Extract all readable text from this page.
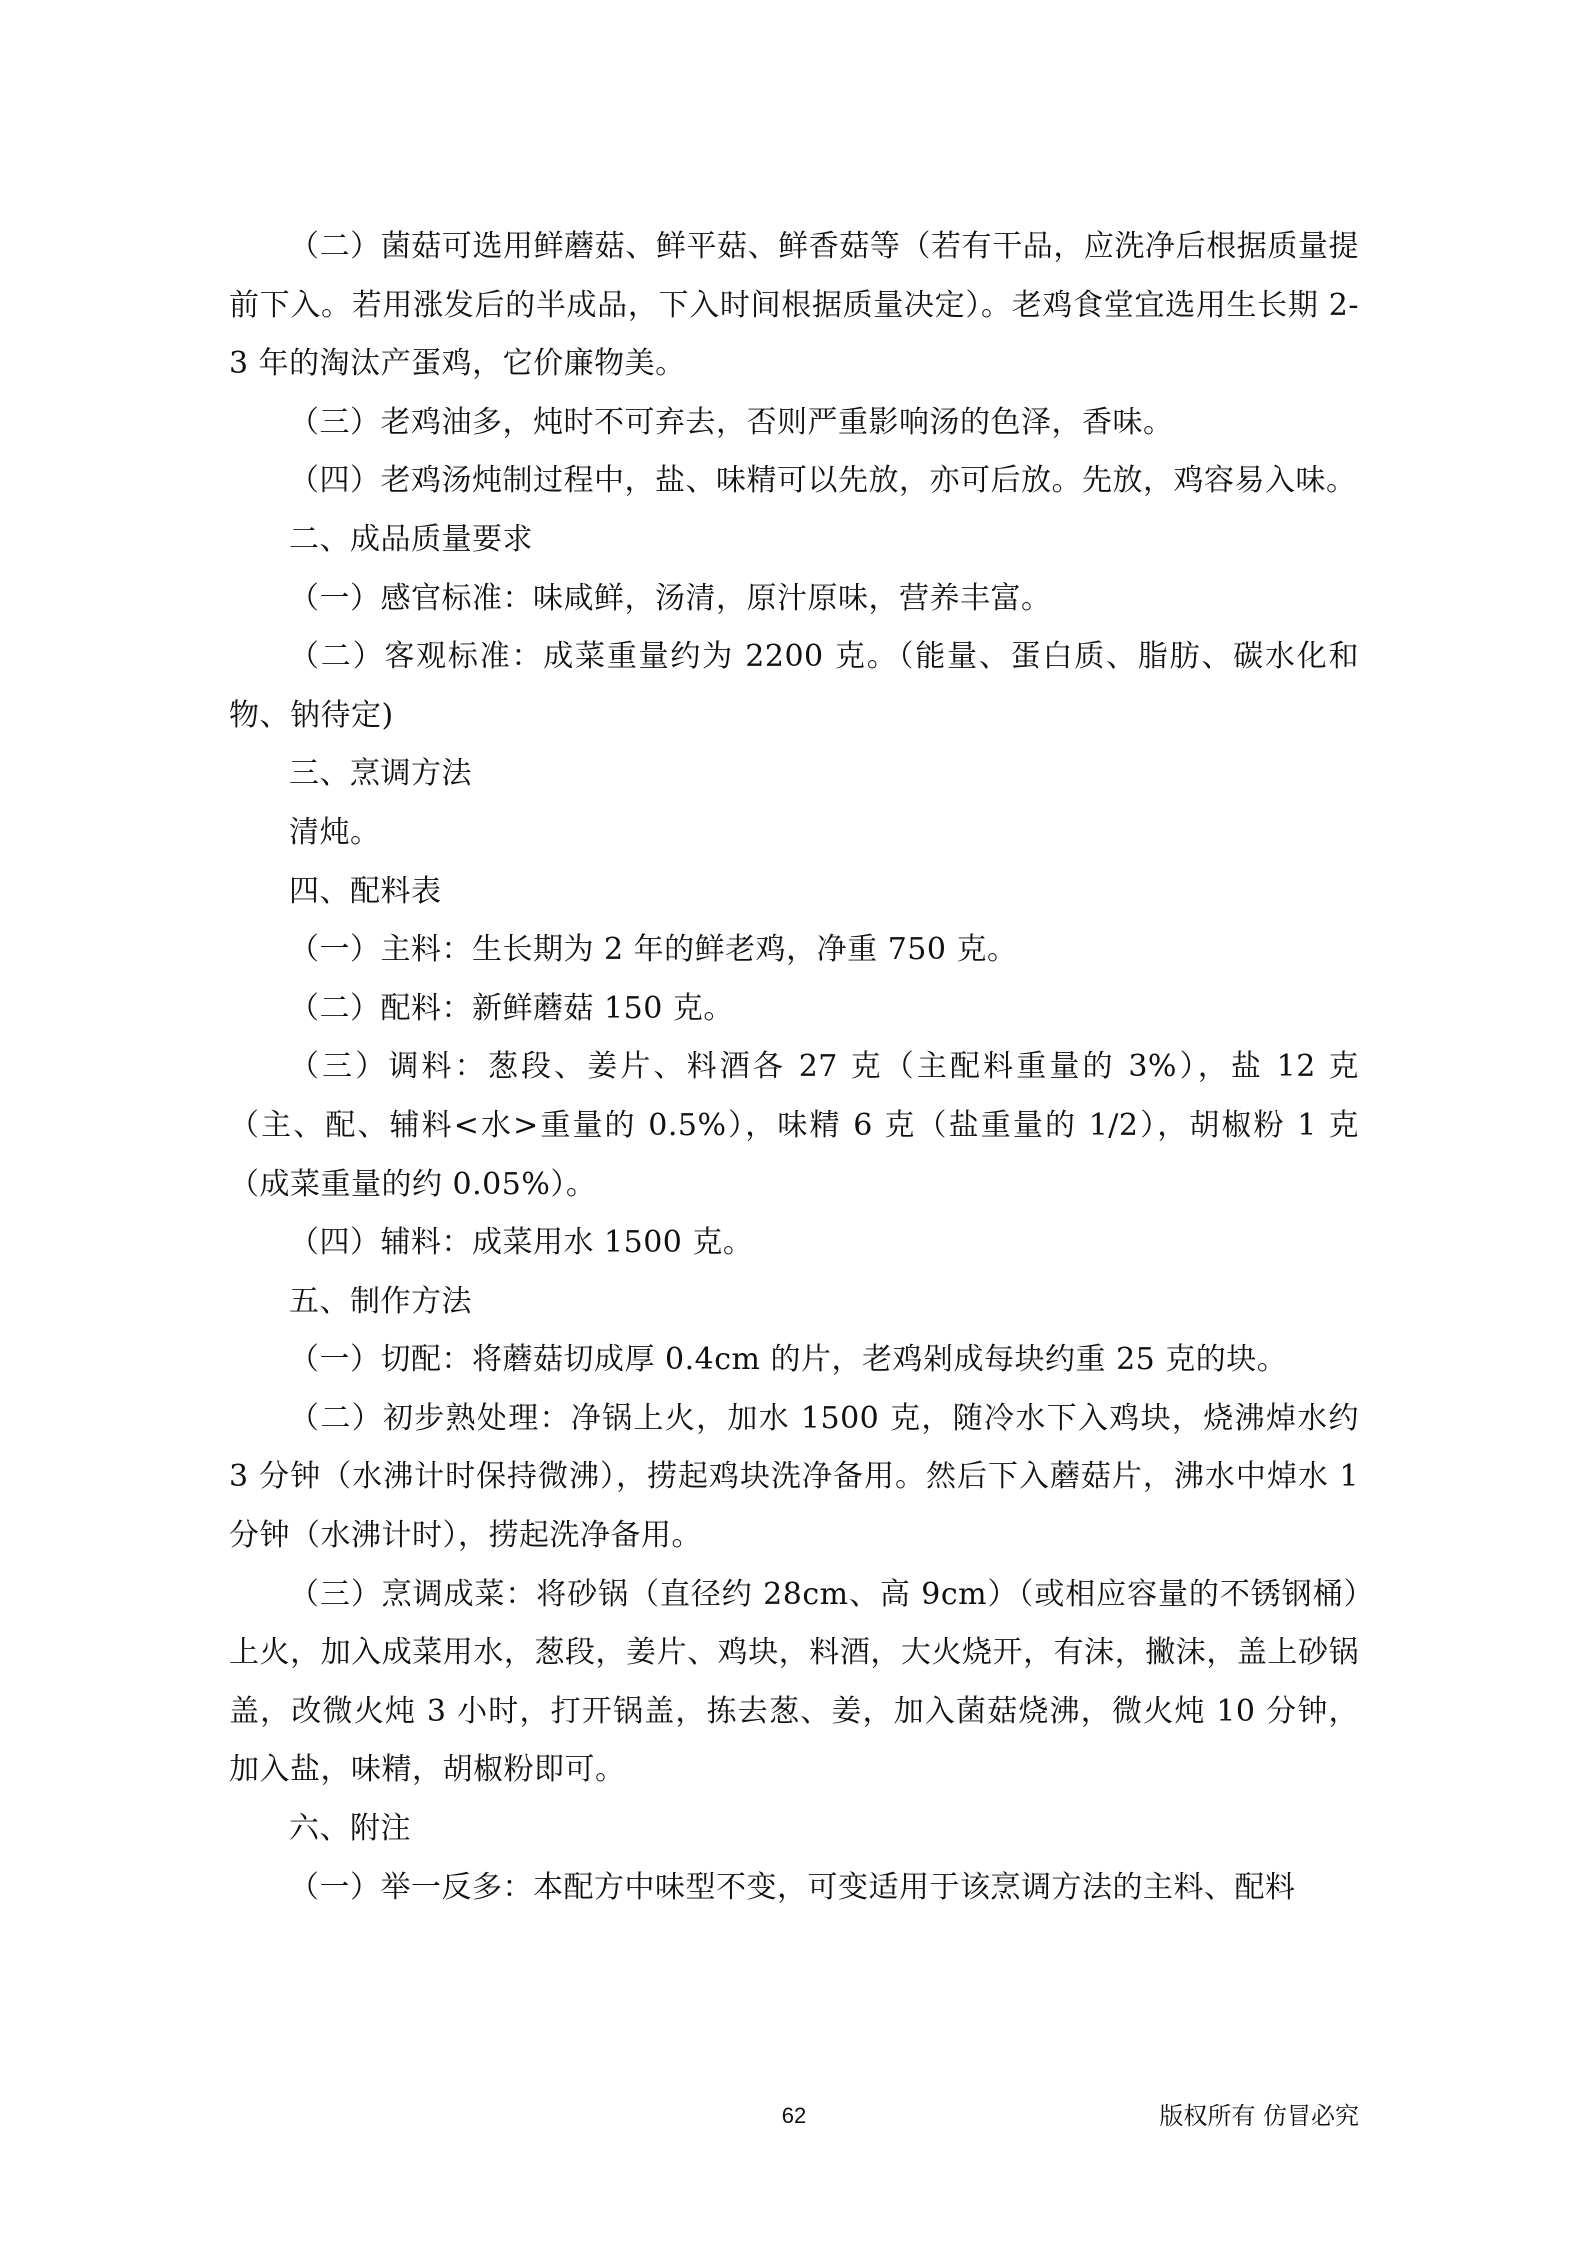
（二）菌菇可选用鲜蘑菇、鲜平菇、鲜香菇等（若有干品，应洗净后根据质量提前下入。若用涨发后的半成品，下入时间根据质量决定）。老鸡食堂宜选用生长期 2-3 年的淘汰产蛋鸡，它价廉物美。

（三）老鸡油多，炖时不可弃去，否则严重影响汤的色泽，香味。

（四）老鸡汤炖制过程中，盐、味精可以先放，亦可后放。先放，鸡容易入味。

二、成品质量要求

（一）感官标准：味咸鲜，汤清，原汁原味，营养丰富。

（二）客观标准：成菜重量约为 2200 克。（能量、蛋白质、脂肪、碳水化和物、钠待定)

三、烹调方法

清炖。

四、配料表

（一）主料：生长期为 2 年的鲜老鸡，净重 750 克。

（二）配料：新鲜蘑菇 150 克。

（三）调料：葱段、姜片、料酒各 27 克（主配料重量的 3%），盐 12 克（主、配、辅料<水>重量的 0.5%），味精 6 克（盐重量的 1/2），胡椒粉 1 克（成菜重量的约 0.05%）。

（四）辅料：成菜用水 1500 克。

五、制作方法

（一）切配：将蘑菇切成厚 0.4cm 的片，老鸡剁成每块约重 25 克的块。

（二）初步熟处理：净锅上火，加水 1500 克，随冷水下入鸡块，烧沸焯水约 3 分钟（水沸计时保持微沸），捞起鸡块洗净备用。然后下入蘑菇片，沸水中焯水 1 分钟（水沸计时），捞起洗净备用。

（三）烹调成菜：将砂锅（直径约 28cm、高 9cm）（或相应容量的不锈钢桶）上火，加入成菜用水，葱段，姜片、鸡块，料酒，大火烧开，有沫，撇沫，盖上砂锅盖，改微火炖 3 小时，打开锅盖，拣去葱、姜，加入菌菇烧沸，微火炖 10 分钟，加入盐，味精，胡椒粉即可。

六、附注

（一）举一反多：本配方中味型不变，可变适用于该烹调方法的主料、配料

62	版权所有 仿冒必究
